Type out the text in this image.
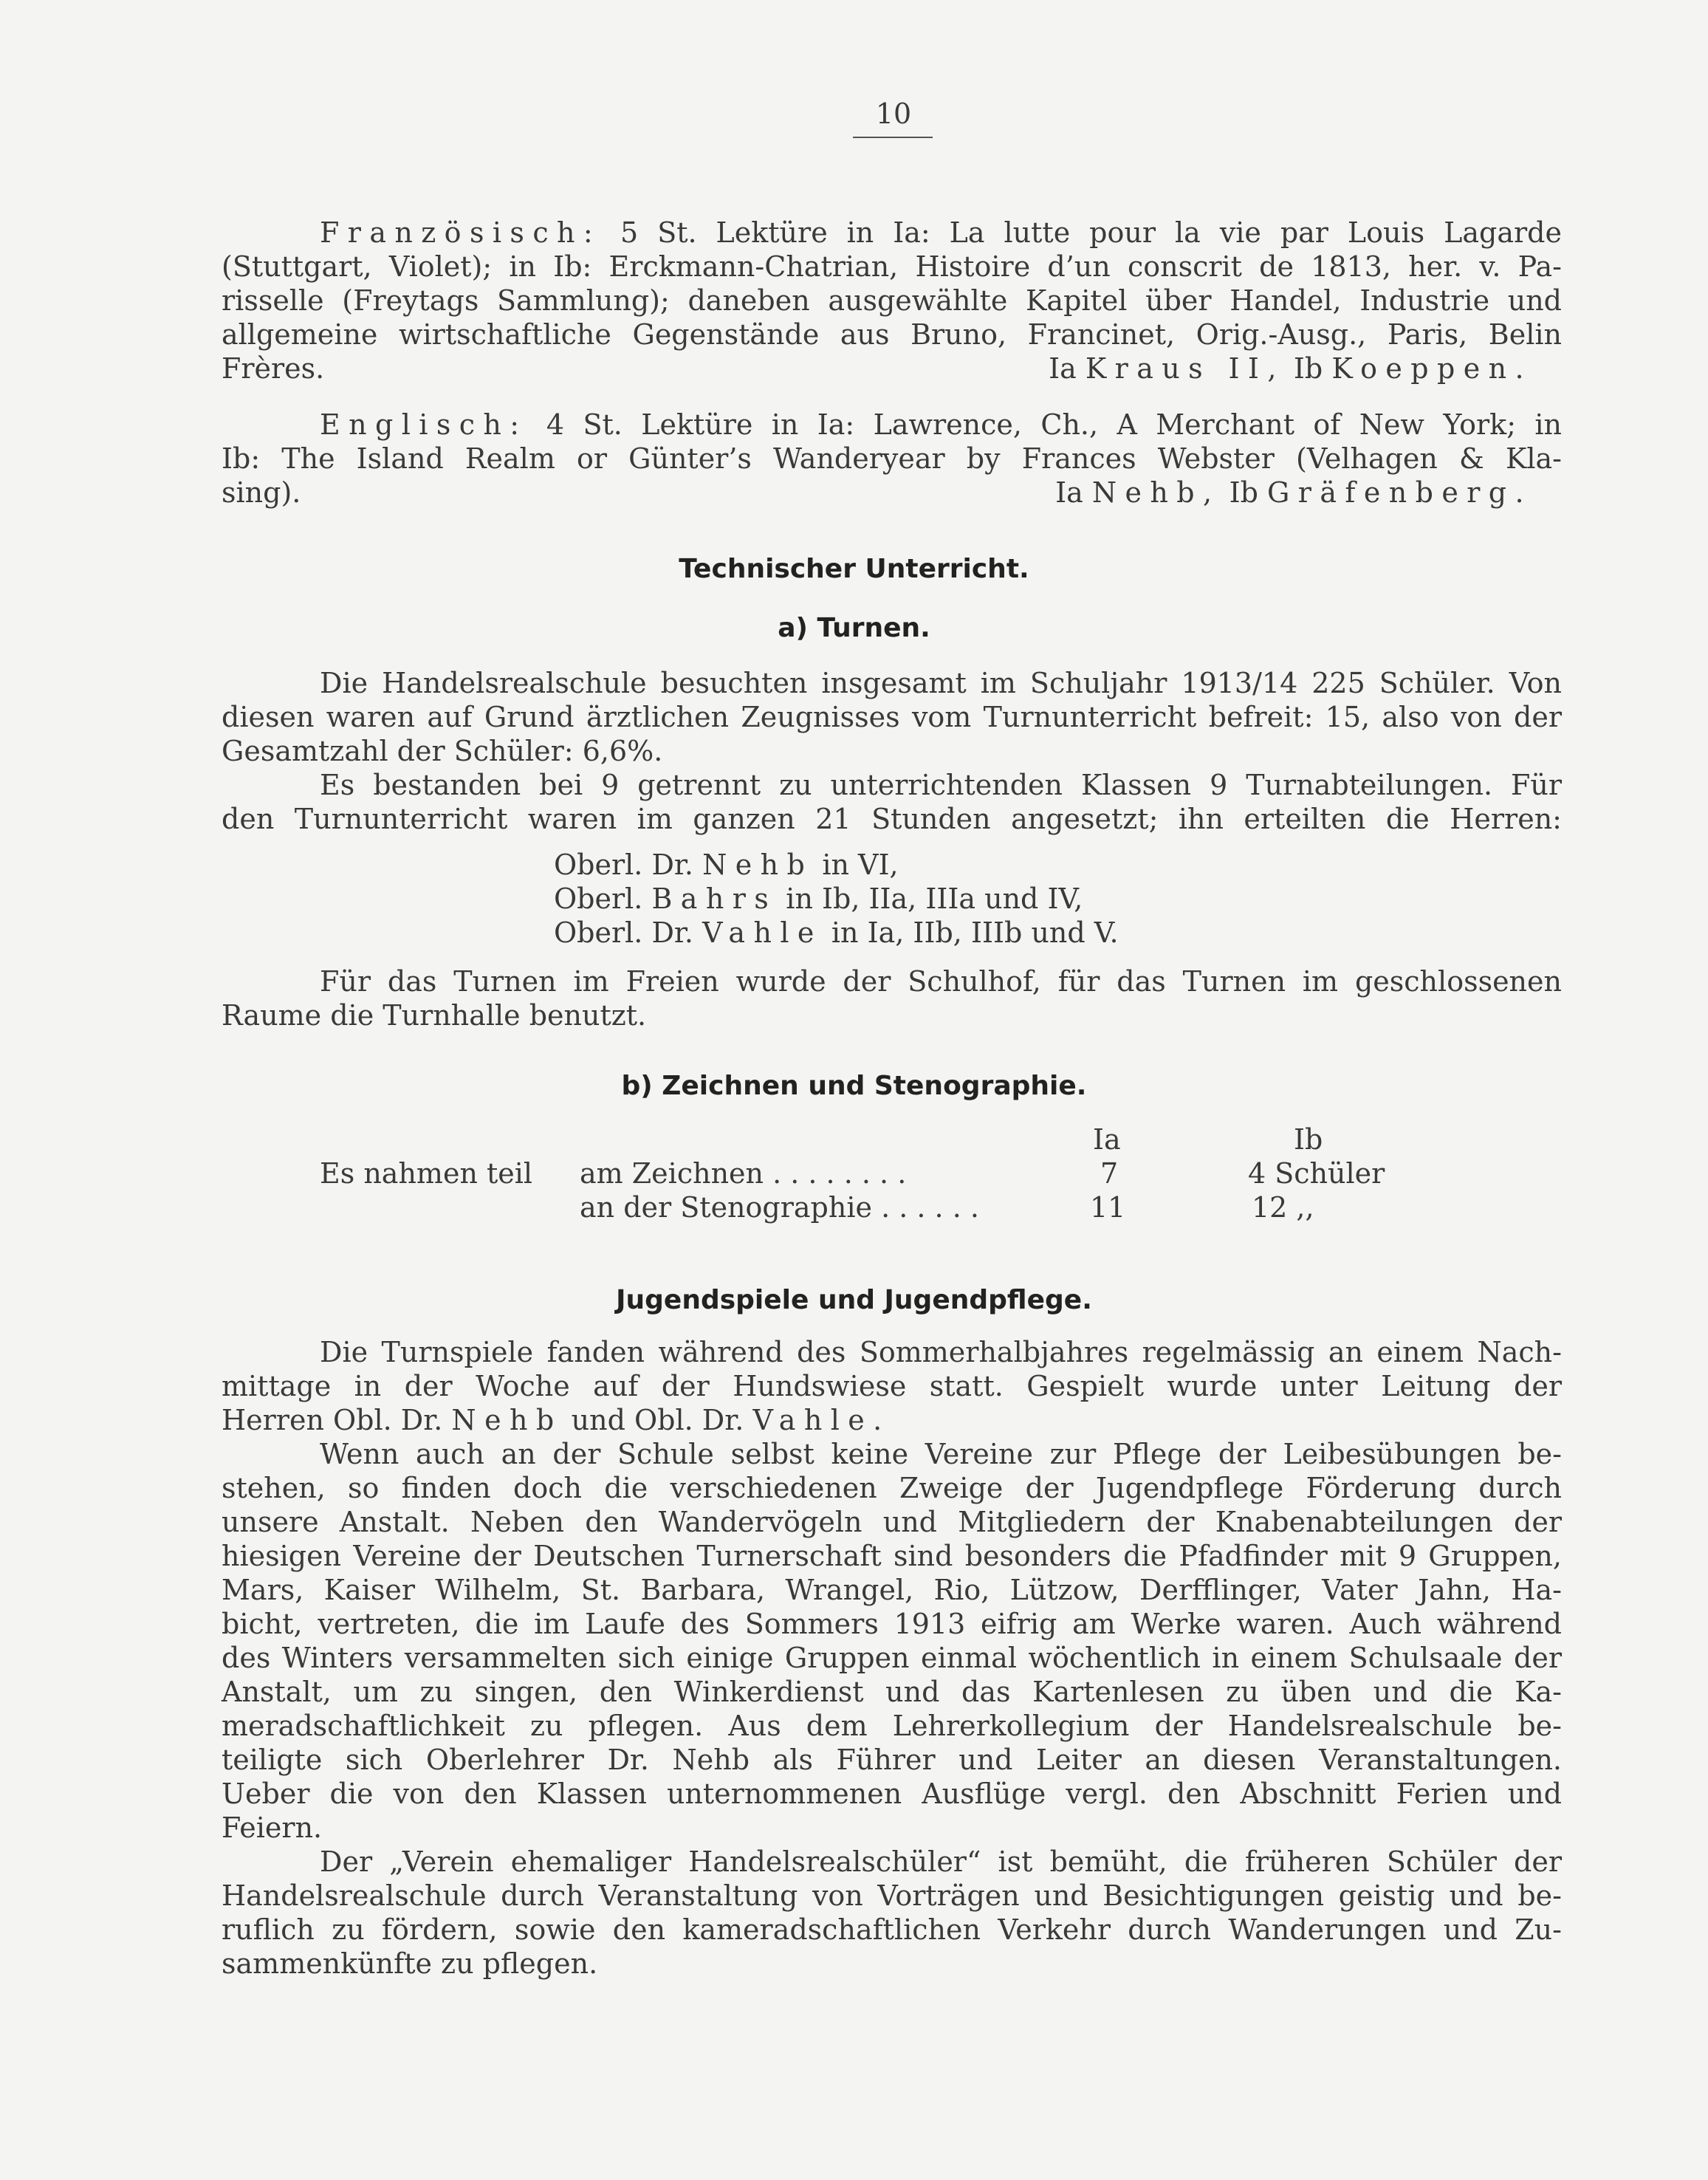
10
Französisch: 5 St. Lektüre in Ia: La lutte pour la vie par Louis Lagarde
(Stuttgart, Violet); in Ib: Erckmann-Chatrian, Histoire d’un conscrit de 1813, her. v. Pa-
risselle (Freytags Sammlung); daneben ausgewählte Kapitel über Handel, Industrie und
allgemeine wirtschaftliche Gegenstände aus Bruno, Francinet, Orig.-Ausg., Paris, Belin
Frères.	Ia Kraus II, Ib Koeppen.
Englisch: 4 St. Lektüre in Ia: Lawrence, Ch., A Merchant of New York; in
Ib: The Island Realm or Günter’s Wanderyear by Frances Webster (Velhagen & Kla-
sing).	Ia Nehb, Ib Gräfenberg.
Technischer Unterricht.
a) Turnen.
Die Handelsrealschule besuchten insgesamt im Schuljahr 1913/14 225 Schüler. Von
diesen waren auf Grund ärztlichen Zeugnisses vom Turnunterricht befreit: 15, also von der
Gesamtzahl der Schüler: 6,6%.
Es bestanden bei 9 getrennt zu unterrichtenden Klassen 9 Turnabteilungen. Für
den Turnunterricht waren im ganzen 21 Stunden angesetzt; ihn erteilten die Herren:
Oberl. Dr. Nehb in VI,
Oberl. Bahrs in Ib, IIa, IIIa und IV,
Oberl. Dr. Vahle in Ia, IIb, IIIb und V.
Für das Turnen im Freien wurde der Schulhof, für das Turnen im geschlossenen
Raume die Turnhalle benutzt.
b) Zeichnen und Stenographie.
Ia	Ib
Es nahmen teil am Zeichnen . . . . . . . .	7	4 Schüler
an der Stenographie . . . . . .	11	12 ,,
Jugendspiele und Jugendpflege.
Die Turnspiele fanden während des Sommerhalbjahres regelmässig an einem Nach-
mittage in der Woche auf der Hundswiese statt. Gespielt wurde unter Leitung der
Herren Obl. Dr. Nehb und Obl. Dr. Vahle.
Wenn auch an der Schule selbst keine Vereine zur Pflege der Leibesübungen be-
stehen, so finden doch die verschiedenen Zweige der Jugendpflege Förderung durch
unsere Anstalt. Neben den Wandervögeln und Mitgliedern der Knabenabteilungen der
hiesigen Vereine der Deutschen Turnerschaft sind besonders die Pfadfinder mit 9 Gruppen,
Mars, Kaiser Wilhelm, St. Barbara, Wrangel, Rio, Lützow, Derfflinger, Vater Jahn, Ha-
bicht, vertreten, die im Laufe des Sommers 1913 eifrig am Werke waren. Auch während
des Winters versammelten sich einige Gruppen einmal wöchentlich in einem Schulsaale der
Anstalt, um zu singen, den Winkerdienst und das Kartenlesen zu üben und die Ka-
meradschaftlichkeit zu pflegen. Aus dem Lehrerkollegium der Handelsrealschule be-
teiligte sich Oberlehrer Dr. Nehb als Führer und Leiter an diesen Veranstaltungen.
Ueber die von den Klassen unternommenen Ausflüge vergl. den Abschnitt Ferien und
Feiern.
Der „Verein ehemaliger Handelsrealschüler“ ist bemüht, die früheren Schüler der
Handelsrealschule durch Veranstaltung von Vorträgen und Besichtigungen geistig und be-
ruflich zu fördern, sowie den kameradschaftlichen Verkehr durch Wanderungen und Zu-
sammenkünfte zu pflegen.
